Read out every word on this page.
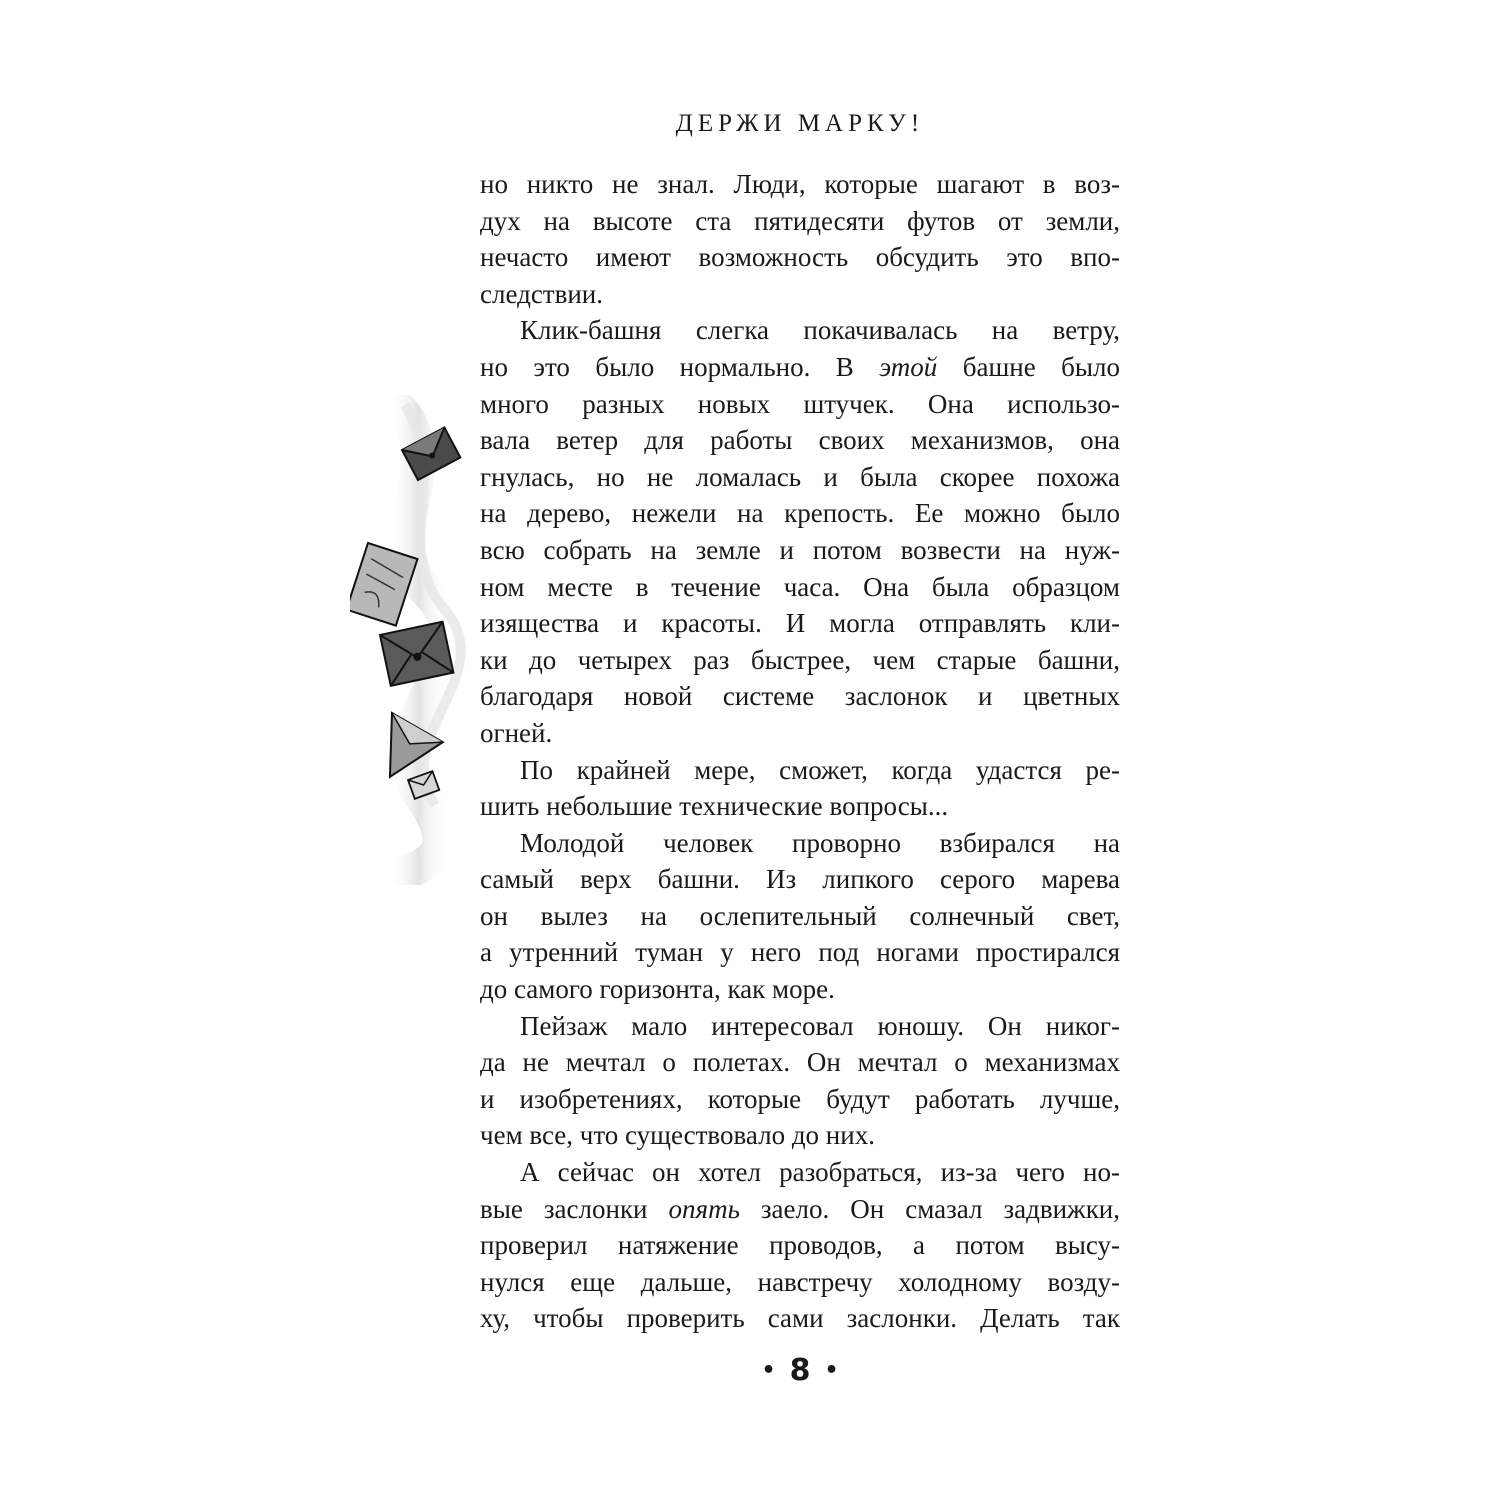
ДЕРЖИ МАРКУ!
но никто не знал. Люди, которые шагают в воз-
дух на высоте ста пятидесяти футов от земли,
нечасто имеют возможность обсудить это впо-
следствии.
Клик-башня слегка покачивалась на ветру,
но это было нормально. В этой башне было
много разных новых штучек. Она использо-
вала ветер для работы своих механизмов, она
гнулась, но не ломалась и была скорее похожа
на дерево, нежели на крепость. Ее можно было
всю собрать на земле и потом возвести на нуж-
ном месте в течение часа. Она была образцом
изящества и красоты. И могла отправлять кли-
ки до четырех раз быстрее, чем старые башни,
благодаря новой системе заслонок и цветных
огней.
По крайней мере, сможет, когда удастся ре-
шить небольшие технические вопросы...
Молодой человек проворно взбирался на
самый верх башни. Из липкого серого марева
он вылез на ослепительный солнечный свет,
а утренний туман у него под ногами простирался
до самого горизонта, как море.
Пейзаж мало интересовал юношу. Он никог-
да не мечтал о полетах. Он мечтал о механизмах
и изобретениях, которые будут работать лучше,
чем все, что существовало до них.
А сейчас он хотел разобраться, из-за чего но-
вые заслонки опять заело. Он смазал задвижки,
проверил натяжение проводов, а потом высу-
нулся еще дальше, навстречу холодному возду-
ху, чтобы проверить сами заслонки. Делать так
• 8 •
